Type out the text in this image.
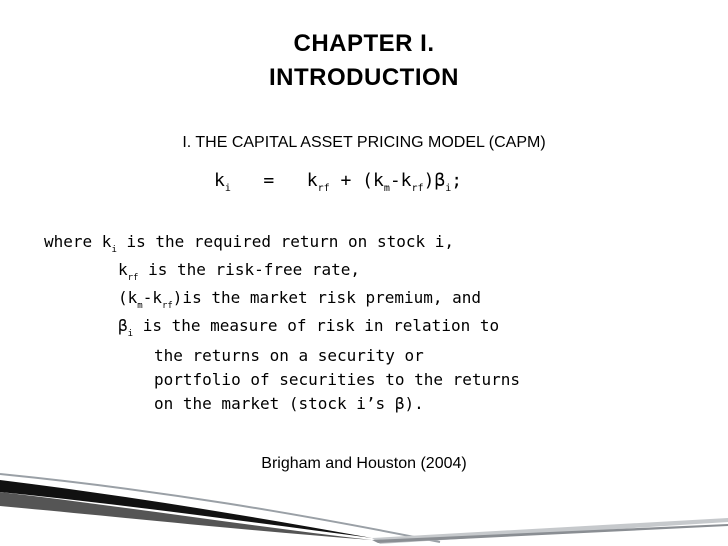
CHAPTER I.
INTRODUCTION
I. THE CAPITAL ASSET PRICING MODEL (CAPM)
$k_i = k_{rf} + (k_m-k_{rf})\beta_i$;
where $k_i$ is the required return on stock i,
$k_{rf}$ is the risk-free rate,
$(k_m-k_{rf})is$ the market risk premium, and
$\beta_i$ is the measure of risk in relation to
the returns on a security or
portfolio of securities to the returns
on the market (stock i’s β).
Brigham and Houston (2004)
